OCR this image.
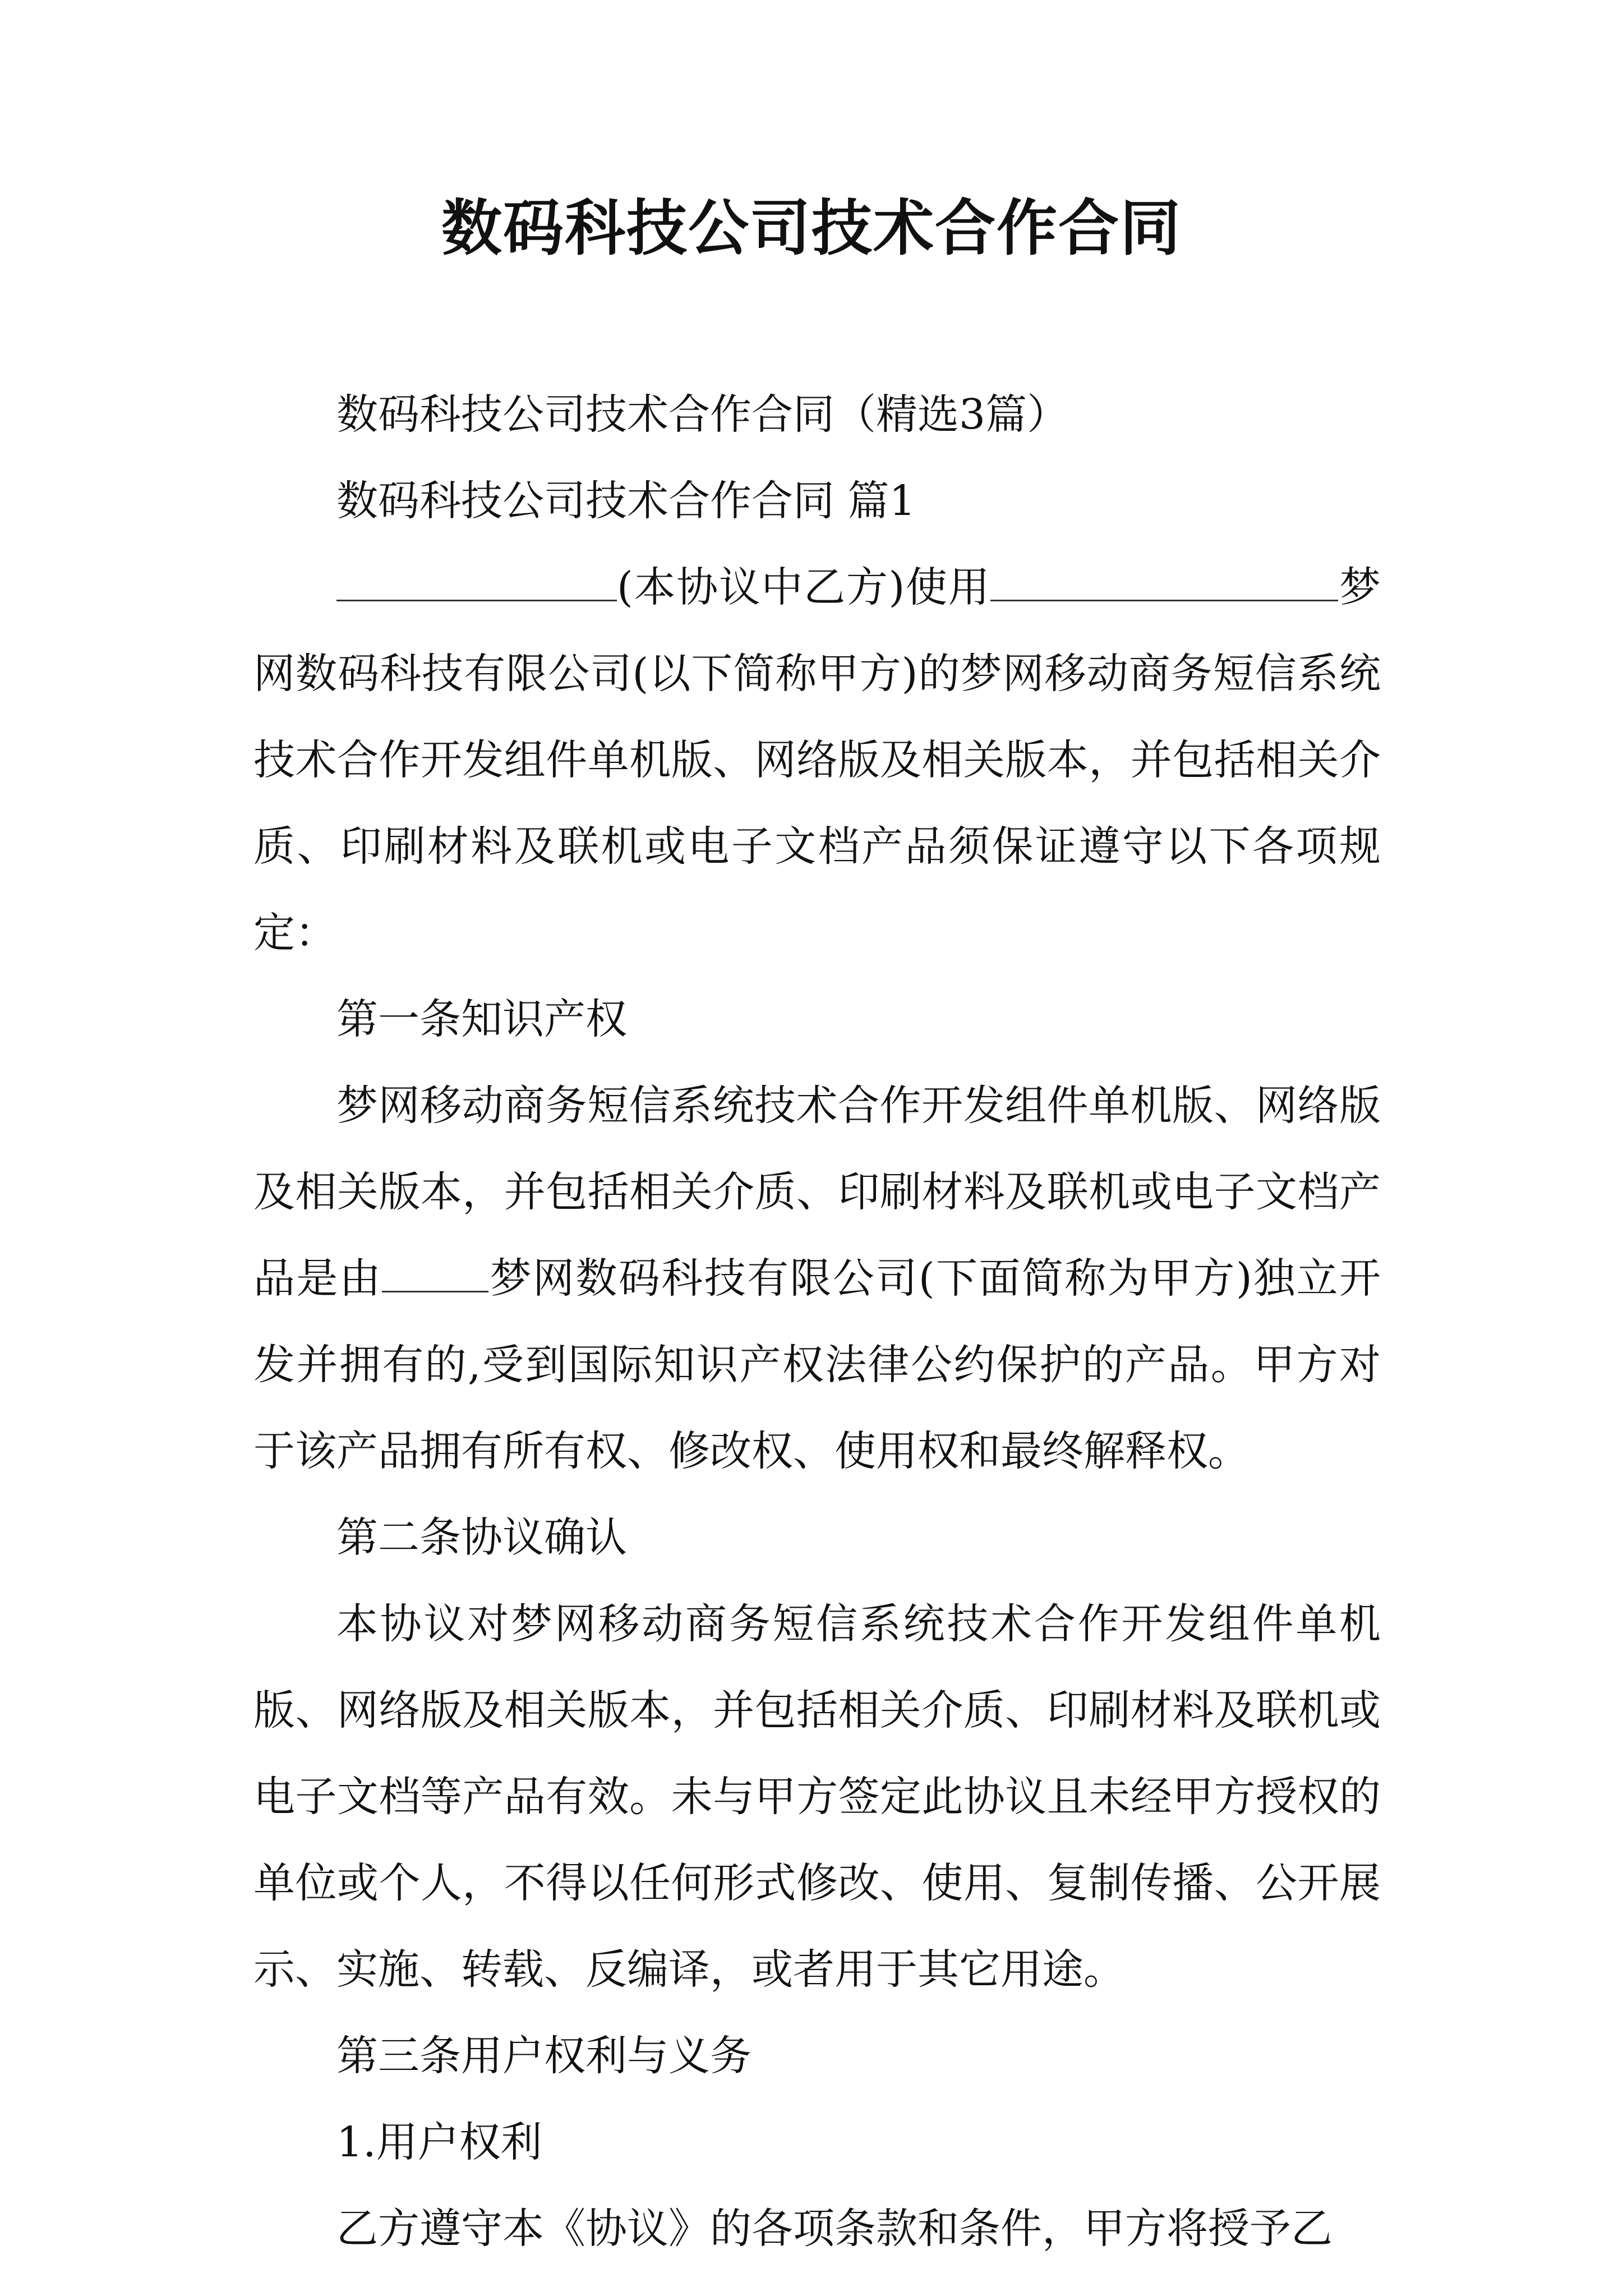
数码科技公司技术合作合同

数码科技公司技术合作合同（精选3篇）

数码科技公司技术合作合同 篇1

(本协议中乙方)使用	梦网数码科技有限公司(以下简称甲方)的梦网移动商务短信系统技术合作开发组件单机版、网络版及相关版本，并包括相关介质、印刷材料及联机或电子文档产品须保证遵守以下各项规定：

第一条知识产权

梦网移动商务短信系统技术合作开发组件单机版、网络版及相关版本，并包括相关介质、印刷材料及联机或电子文档产品是由	梦网数码科技有限公司(下面简称为甲方)独立开发并拥有的,受到国际知识产权法律公约保护的产品。甲方对于该产品拥有所有权、修改权、使用权和最终解释权。

第二条协议确认

本协议对梦网移动商务短信系统技术合作开发组件单机版、网络版及相关版本，并包括相关介质、印刷材料及联机或电子文档等产品有效。未与甲方签定此协议且未经甲方授权的单位或个人，不得以任何形式修改、使用、复制传播、公开展示、实施、转载、反编译，或者用于其它用途。

第三条用户权利与义务

1.用户权利

乙方遵守本《协议》的各项条款和条件，甲方将授予乙
